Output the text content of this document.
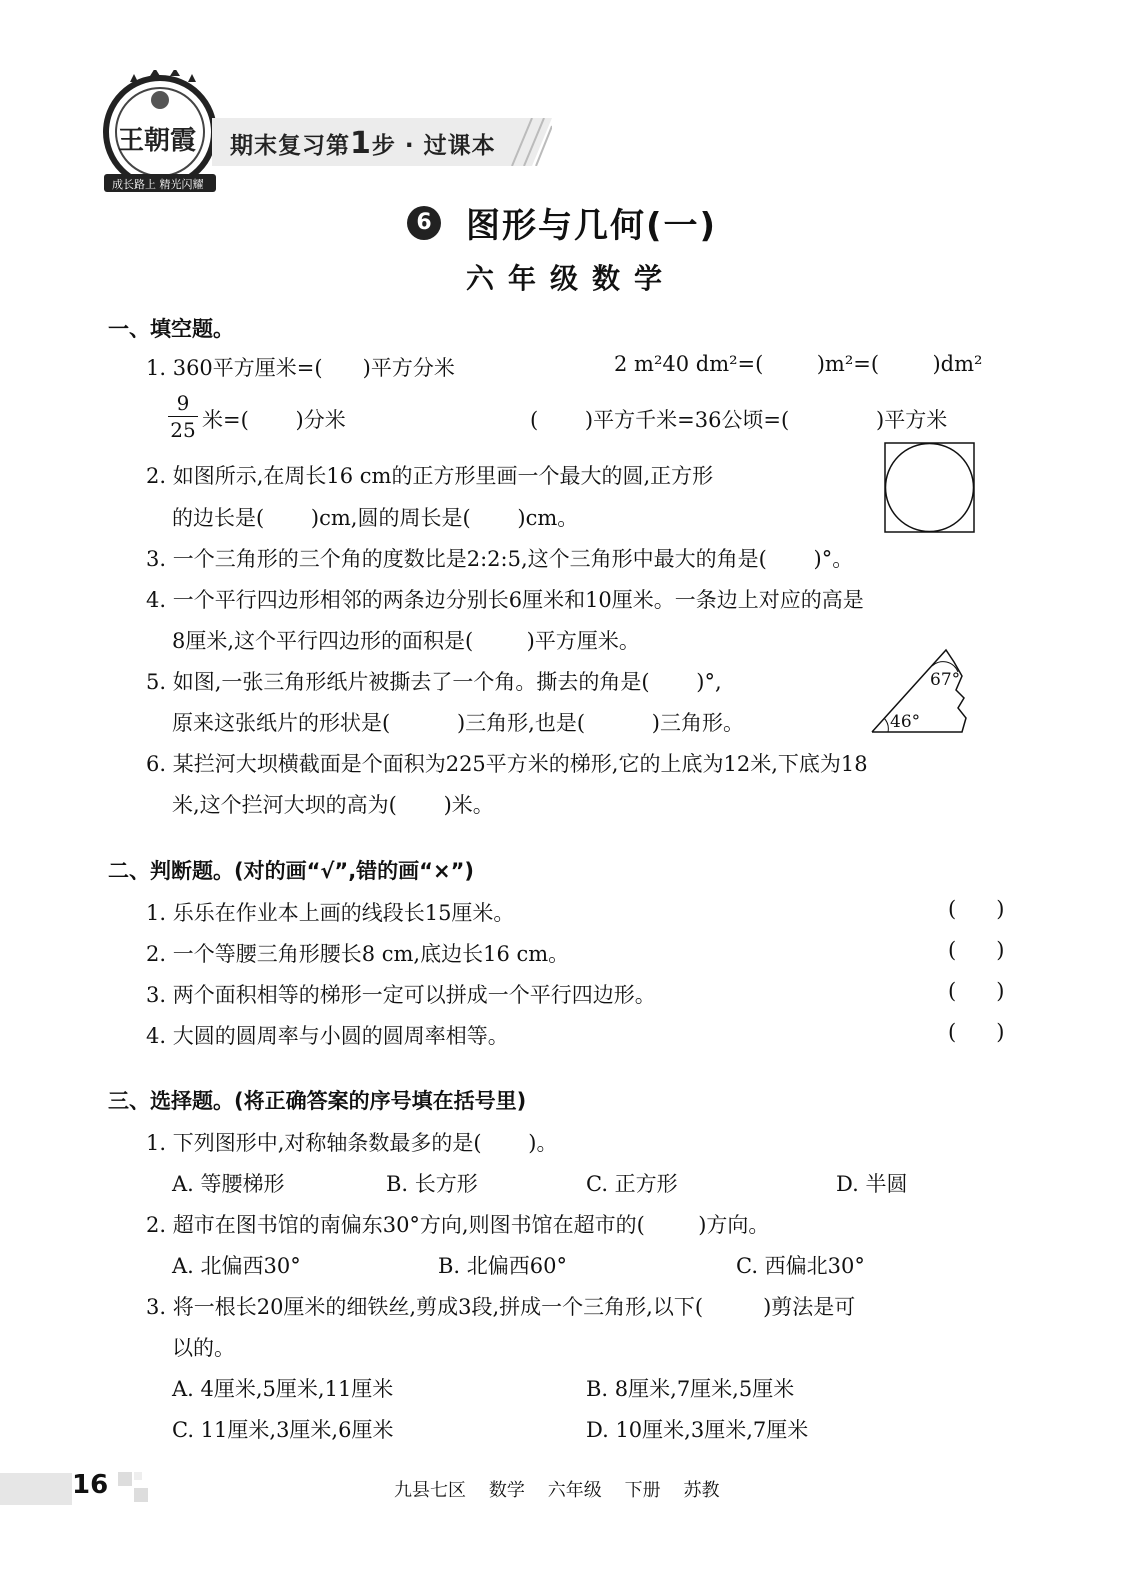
王朝霞
成长路上 精光闪耀
期末复习第1步 · 过课本
6 图形与几何(一)
六年级数学
一、填空题。
1. 360平方厘米=(      )平方分米	2 m²40 dm²=(        )m²=(        )dm²
$\frac{9}{25}$ 米=(       )分米	(       )平方千米=36公顷=(             )平方米
2. 如图所示,在周长16 cm的正方形里画一个最大的圆,正方形
的边长是(       )cm,圆的周长是(       )cm。
3. 一个三角形的三个角的度数比是2:2:5,这个三角形中最大的角是(       )°。
4. 一个平行四边形相邻的两条边分别长6厘米和10厘米。一条边上对应的高是
8厘米,这个平行四边形的面积是(        )平方厘米。
5. 如图,一张三角形纸片被撕去了一个角。撕去的角是(       )°,
原来这张纸片的形状是(          )三角形,也是(          )三角形。
67°
46°
6. 某拦河大坝横截面是个面积为225平方米的梯形,它的上底为12米,下底为18
米,这个拦河大坝的高为(       )米。
二、判断题。(对的画“√”,错的画“×”)
1. 乐乐在作业本上画的线段长15厘米。	(      )
2. 一个等腰三角形腰长8 cm,底边长16 cm。	(      )
3. 两个面积相等的梯形一定可以拼成一个平行四边形。	(      )
4. 大圆的圆周率与小圆的圆周率相等。	(      )
三、选择题。(将正确答案的序号填在括号里)
1. 下列图形中,对称轴条数最多的是(       )。
A. 等腰梯形	B. 长方形	C. 正方形	D. 半圆
2. 超市在图书馆的南偏东30°方向,则图书馆在超市的(        )方向。
A. 北偏西30°	B. 北偏西60°	C. 西偏北30°
3. 将一根长20厘米的细铁丝,剪成3段,拼成一个三角形,以下(         )剪法是可
以的。
A. 4厘米,5厘米,11厘米	B. 8厘米,7厘米,5厘米
C. 11厘米,3厘米,6厘米	D. 10厘米,3厘米,7厘米
16	九县七区    数学    六年级    下册    苏教
